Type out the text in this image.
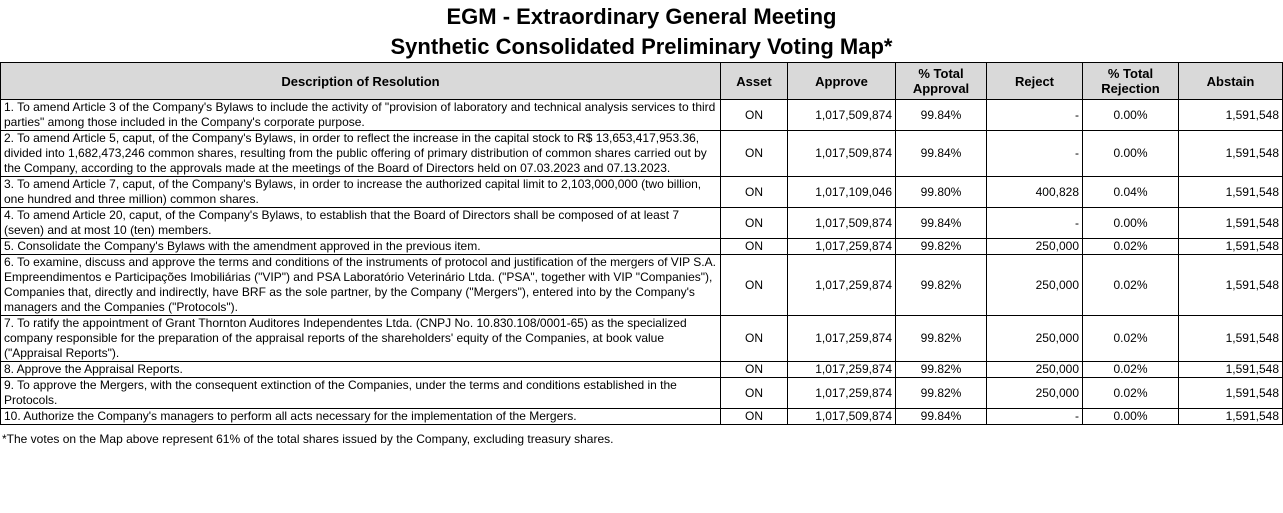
EGM - Extraordinary General Meeting
Synthetic Consolidated Preliminary Voting Map*
Description of Resolution	Asset	Approve	% Total Approval	Reject	% Total Rejection	Abstain
1. To amend Article 3 of the Company's Bylaws to include the activity of "provision of laboratory and technical analysis services to third parties" among those included in the Company's corporate purpose.	ON	1,017,509,874	99.84%	-	0.00%	1,591,548
2. To amend Article 5, caput, of the Company's Bylaws, in order to reflect the increase in the capital stock to R$ 13,653,417,953.36, divided into 1,682,473,246 common shares, resulting from the public offering of primary distribution of common shares carried out by the Company, according to the approvals made at the meetings of the Board of Directors held on 07.03.2023 and 07.13.2023.	ON	1,017,509,874	99.84%	-	0.00%	1,591,548
3. To amend Article 7, caput, of the Company's Bylaws, in order to increase the authorized capital limit to 2,103,000,000 (two billion, one hundred and three million) common shares.	ON	1,017,109,046	99.80%	400,828	0.04%	1,591,548
4. To amend Article 20, caput, of the Company's Bylaws, to establish that the Board of Directors shall be composed of at least 7 (seven) and at most 10 (ten) members.	ON	1,017,509,874	99.84%	-	0.00%	1,591,548
5. Consolidate the Company's Bylaws with the amendment approved in the previous item.	ON	1,017,259,874	99.82%	250,000	0.02%	1,591,548
6. To examine, discuss and approve the terms and conditions of the instruments of protocol and justification of the mergers of VIP S.A. Empreendimentos e Participações Imobiliárias ("VIP") and PSA Laboratório Veterinário Ltda. ("PSA", together with VIP "Companies"), Companies that, directly and indirectly, have BRF as the sole partner, by the Company ("Mergers"), entered into by the Company's managers and the Companies ("Protocols").	ON	1,017,259,874	99.82%	250,000	0.02%	1,591,548
7. To ratify the appointment of Grant Thornton Auditores Independentes Ltda. (CNPJ No. 10.830.108/0001-65) as the specialized company responsible for the preparation of the appraisal reports of the shareholders' equity of the Companies, at book value ("Appraisal Reports").	ON	1,017,259,874	99.82%	250,000	0.02%	1,591,548
8. Approve the Appraisal Reports.	ON	1,017,259,874	99.82%	250,000	0.02%	1,591,548
9. To approve the Mergers, with the consequent extinction of the Companies, under the terms and conditions established in the Protocols.	ON	1,017,259,874	99.82%	250,000	0.02%	1,591,548
10. Authorize the Company's managers to perform all acts necessary for the implementation of the Mergers.	ON	1,017,509,874	99.84%	-	0.00%	1,591,548
*The votes on the Map above represent 61% of the total shares issued by the Company, excluding treasury shares.
